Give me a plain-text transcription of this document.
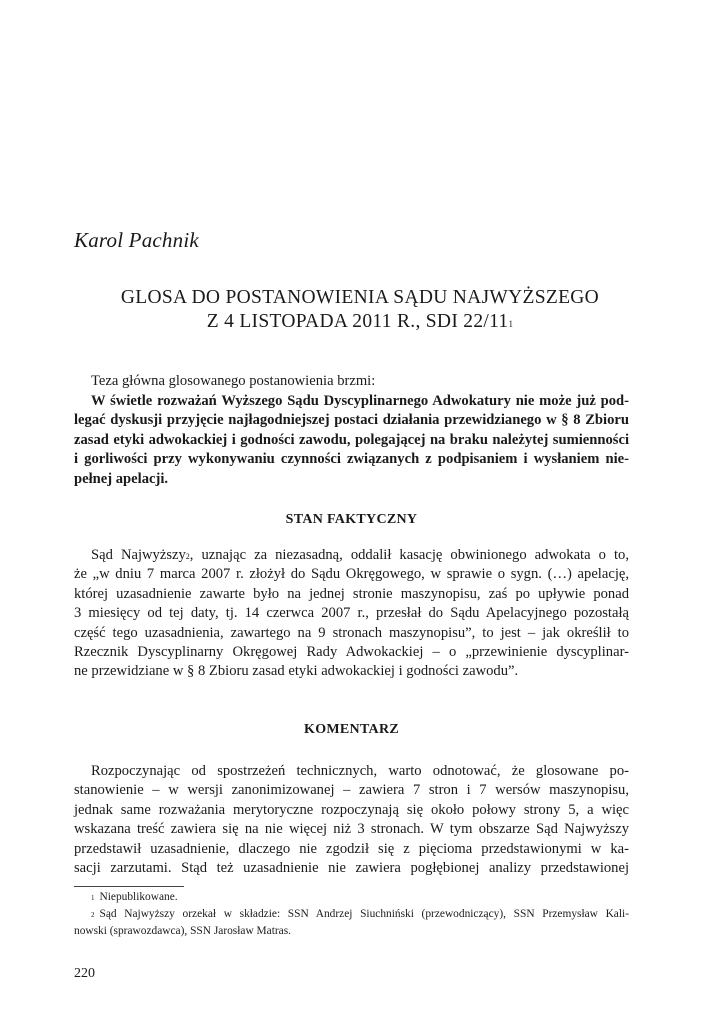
Karol Pachnik
GLOSA DO POSTANOWIENIA SĄDU NAJWYŻSZEGO
Z 4 LISTOPADA 2011 R., SDI $22/11^1$
Teza główna glosowanego postanowienia brzmi:
W świetle rozważań Wyższego Sądu Dyscyplinarnego Adwokatury nie może już pod-
legać dyskusji przyjęcie najłagodniejszej postaci działania przewidzianego w § 8 Zbioru
zasad etyki adwokackiej i godności zawodu, polegającej na braku należytej sumienności
i gorliwości przy wykonywaniu czynności związanych z podpisaniem i wysłaniem nie-
pełnej apelacji.
STAN FAKTYCZNY
Sąd Najwyższy$^2$, uznając za niezasadną, oddalił kasację obwinionego adwokata o to,
że „w dniu 7 marca 2007 r. złożył do Sądu Okręgowego, w sprawie o sygn. (…) apelację,
której uzasadnienie zawarte było na jednej stronie maszynopisu, zaś po upływie ponad
3 miesięcy od tej daty, tj. 14 czerwca 2007 r., przesłał do Sądu Apelacyjnego pozostałą
część tego uzasadnienia, zawartego na 9 stronach maszynopisu”, to jest – jak określił to
Rzecznik Dyscyplinarny Okręgowej Rady Adwokackiej – o „przewinienie dyscyplinar-
ne przewidziane w § 8 Zbioru zasad etyki adwokackiej i godności zawodu”.
KOMENTARZ
Rozpoczynając od spostrzeżeń technicznych, warto odnotować, że glosowane po-
stanowienie – w wersji zanonimizowanej – zawiera 7 stron i 7 wersów maszynopisu,
jednak same rozważania merytoryczne rozpoczynają się około połowy strony 5, a więc
wskazana treść zawiera się na nie więcej niż 3 stronach. W tym obszarze Sąd Najwyższy
przedstawił uzasadnienie, dlaczego nie zgodził się z pięcioma przedstawionymi w ka-
sacji zarzutami. Stąd też uzasadnienie nie zawiera pogłębionej analizy przedstawionej
$^1$ Niepublikowane.
$^2$ Sąd Najwyższy orzekał w składzie: SSN Andrzej Siuchniński (przewodniczący), SSN Przemysław Kali-
nowski (sprawozdawca), SSN Jarosław Matras.
220
